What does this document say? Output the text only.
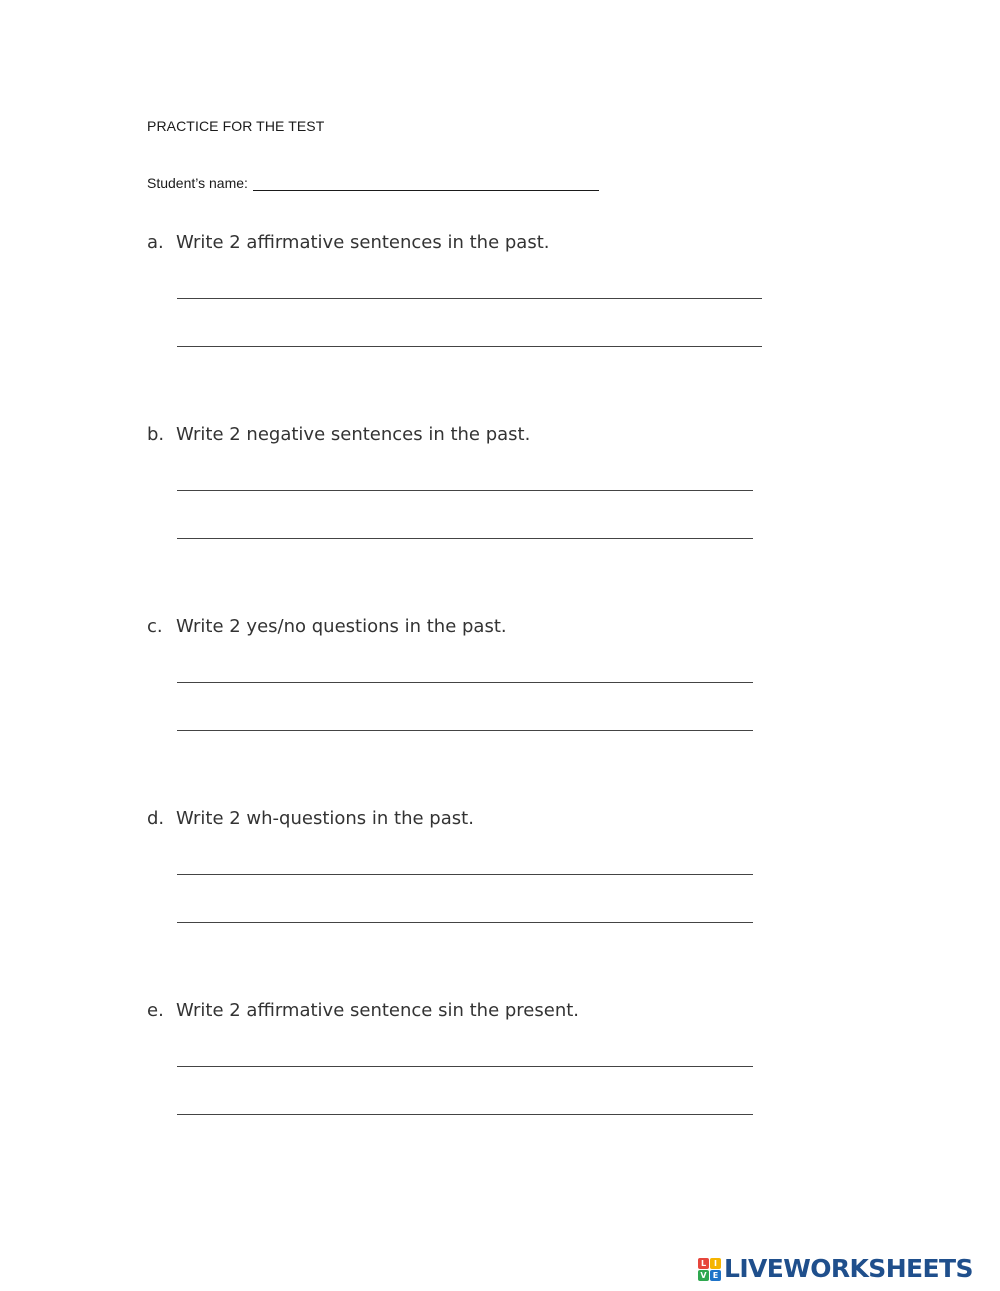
PRACTICE FOR THE TEST
Student’s name:
a. Write 2 affirmative sentences in the past.
b. Write 2 negative sentences in the past.
c. Write 2 yes/no questions in the past.
d. Write 2 wh-questions in the past.
e. Write 2 affirmative sentence sin the present.
L I
V E LIVEWORKSHEETS
